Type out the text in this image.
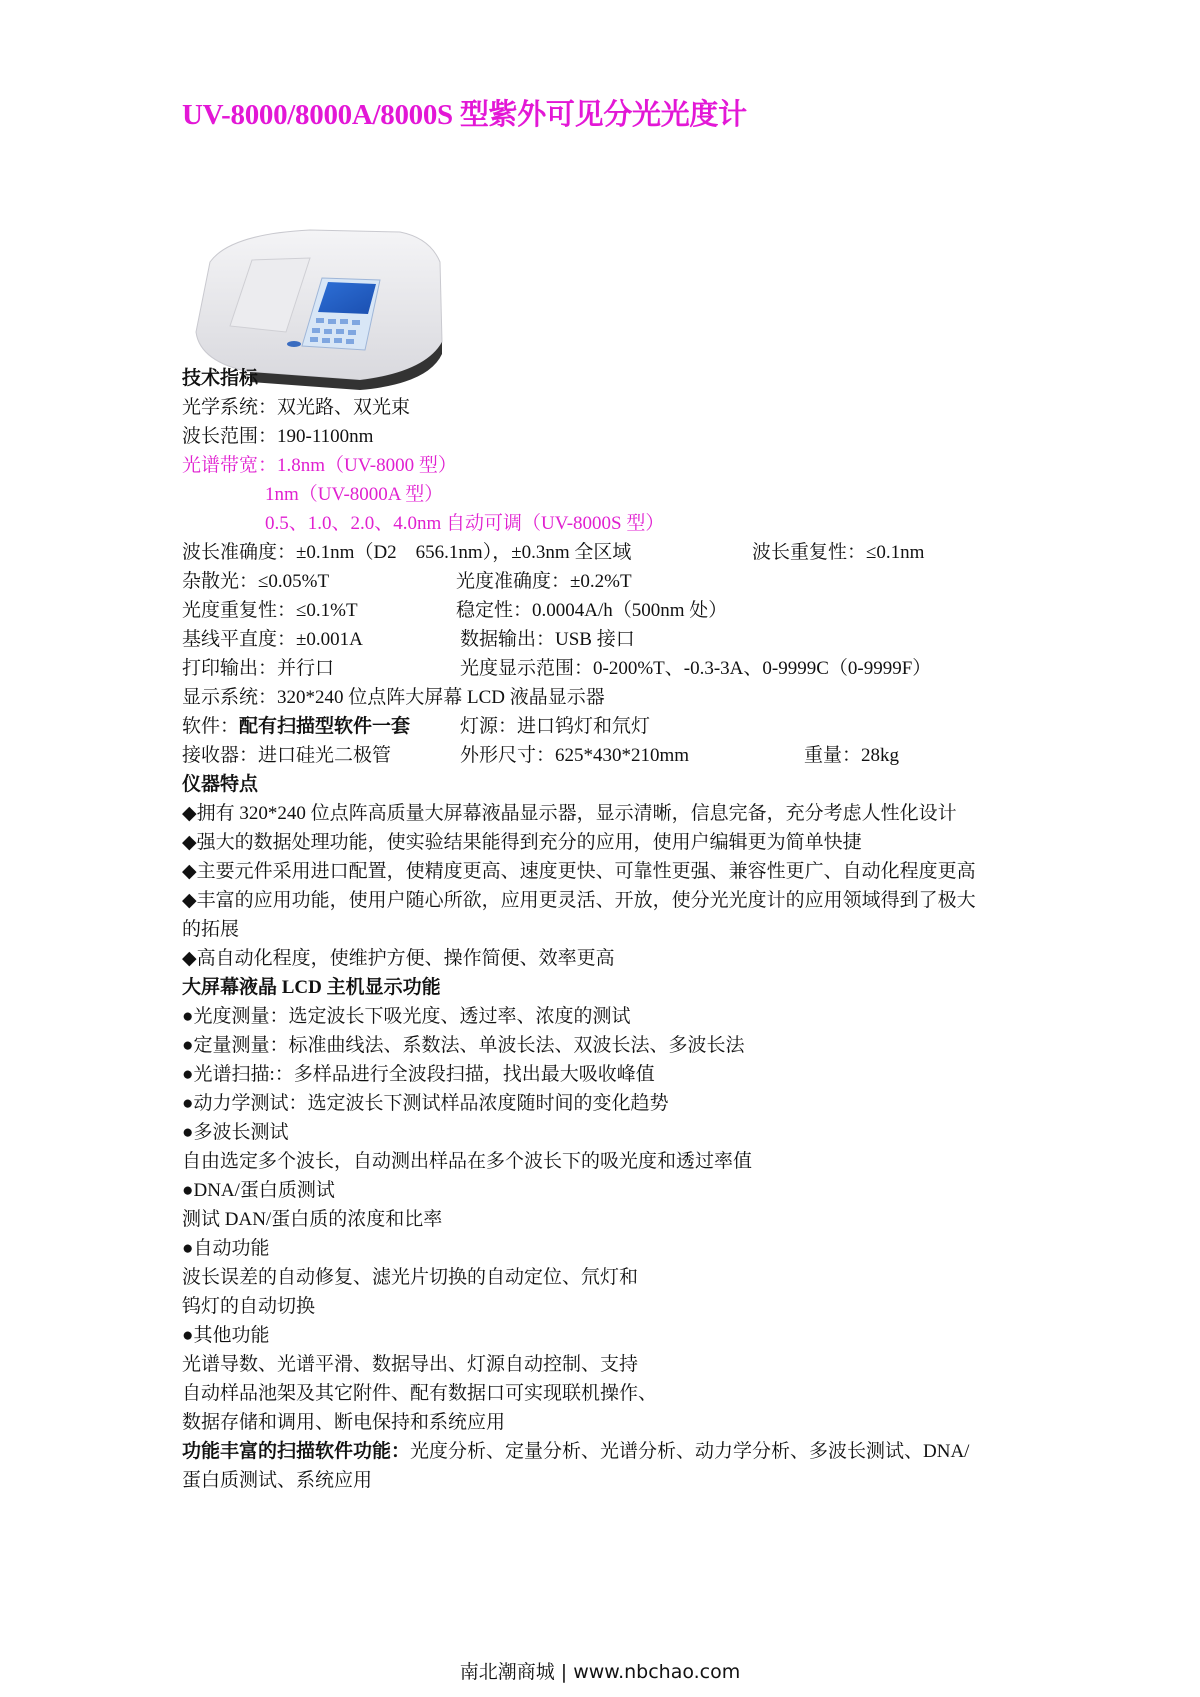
UV-8000/8000A/8000S 型紫外可见分光光度计
技术指标
光学系统：双光路、双光束
波长范围：190-1100nm
光谱带宽：1.8nm（UV-8000 型）
1nm（UV-8000A 型）
0.5、1.0、2.0、4.0nm 自动可调（UV-8000S 型）
波长准确度：±0.1nm（D2　656.1nm），±0.3nm 全区域	波长重复性：≤0.1nm
杂散光：≤0.05%T	光度准确度：±0.2%T
光度重复性：≤0.1%T	稳定性：0.0004A/h（500nm 处）
基线平直度：±0.001A	数据输出：USB 接口
打印输出：并行口	光度显示范围：0-200%T、-0.3-3A、0-9999C（0-9999F）
显示系统：320*240 位点阵大屏幕 LCD 液晶显示器
软件：配有扫描型软件一套	灯源：进口钨灯和氘灯
接收器：进口硅光二极管	外形尺寸：625*430*210mm	重量：28kg
仪器特点
◆拥有 320*240 位点阵高质量大屏幕液晶显示器，显示清晰，信息完备，充分考虑人性化设计
◆强大的数据处理功能，使实验结果能得到充分的应用，使用户编辑更为简单快捷
◆主要元件采用进口配置，使精度更高、速度更快、可靠性更强、兼容性更广、自动化程度更高
◆丰富的应用功能，使用户随心所欲，应用更灵活、开放，使分光光度计的应用领域得到了极大
的拓展
◆高自动化程度，使维护方便、操作简便、效率更高
大屏幕液晶 LCD 主机显示功能
●光度测量：选定波长下吸光度、透过率、浓度的测试
●定量测量：标准曲线法、系数法、单波长法、双波长法、多波长法
●光谱扫描:：多样品进行全波段扫描，找出最大吸收峰值
●动力学测试：选定波长下测试样品浓度随时间的变化趋势
●多波长测试
自由选定多个波长，自动测出样品在多个波长下的吸光度和透过率值
●DNA/蛋白质测试
测试 DAN/蛋白质的浓度和比率
●自动功能
波长误差的自动修复、滤光片切换的自动定位、氘灯和
钨灯的自动切换
●其他功能
光谱导数、光谱平滑、数据导出、灯源自动控制、支持
自动样品池架及其它附件、配有数据口可实现联机操作、
数据存储和调用、断电保持和系统应用
功能丰富的扫描软件功能：光度分析、定量分析、光谱分析、动力学分析、多波长测试、DNA/
蛋白质测试、系统应用
南北潮商城 | www.nbchao.com
